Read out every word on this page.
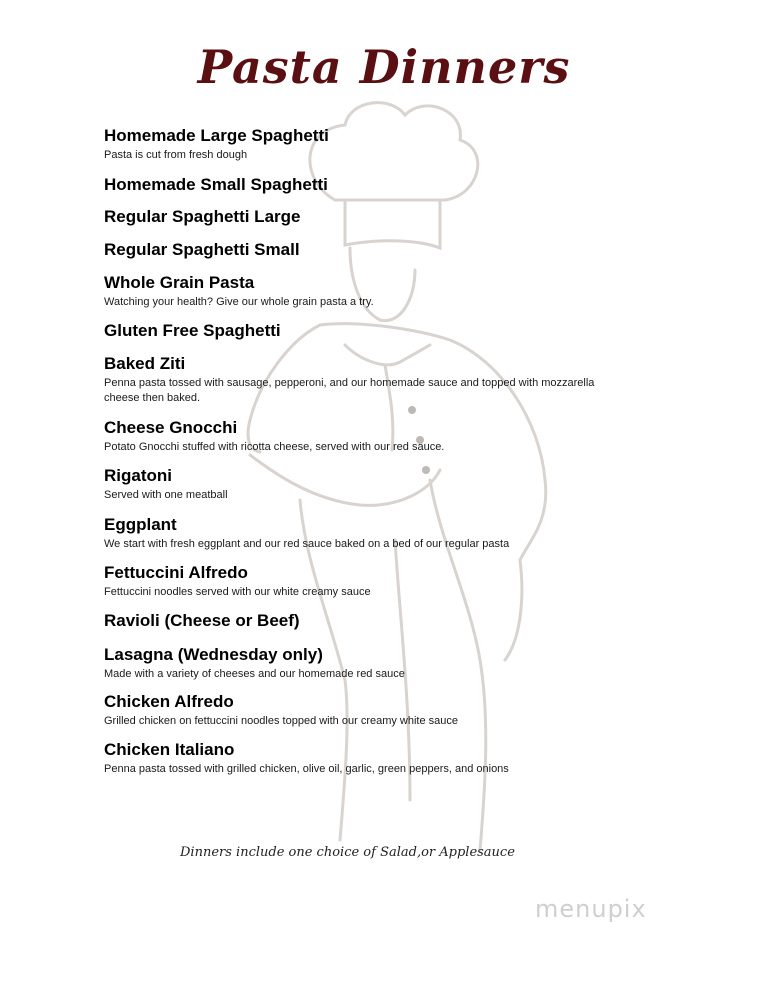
Pasta Dinners
Homemade Large Spaghetti
Pasta is cut from fresh dough
Homemade Small Spaghetti
Regular Spaghetti Large
Regular Spaghetti Small
Whole Grain Pasta
Watching your health? Give our whole grain pasta a try.
Gluten Free Spaghetti
Baked Ziti
Penna pasta tossed with sausage, pepperoni, and our homemade sauce and topped with mozzarella cheese then baked.
Cheese Gnocchi
Potato Gnocchi stuffed with ricotta cheese, served with our red sauce.
Rigatoni
Served with one meatball
Eggplant
We start with fresh eggplant and our red sauce baked on a bed of our regular pasta
Fettuccini Alfredo
Fettuccini noodles served with our white creamy sauce
Ravioli (Cheese or Beef)
Lasagna (Wednesday only)
Made with a variety of cheeses and our homemade red sauce
Chicken Alfredo
Grilled chicken on fettuccini noodles topped with our creamy white sauce
Chicken Italiano
Penna pasta tossed with grilled chicken, olive oil, garlic, green peppers, and onions
Dinners include one choice of Salad,or Applesauce
menupix
